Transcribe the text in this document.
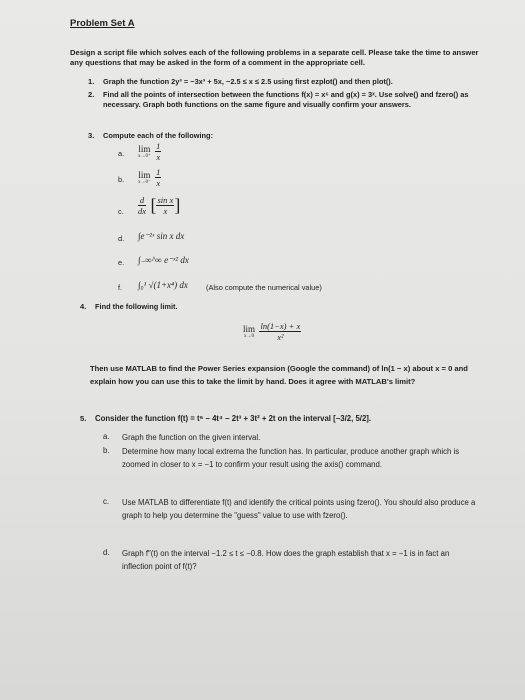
Problem Set A
Design a script file which solves each of the following problems in a separate cell. Please take the time to answer any questions that may be asked in the form of a comment in the appropriate cell.
1. Graph the function 2y³ = −3x³ + 5x, −2.5 ≤ x ≤ 2.5 using first ezplot() and then plot().
2. Find all the points of intersection between the functions f(x) = x⁶ and g(x) = 3ˣ. Use solve() and fzero() as necessary. Graph both functions on the same figure and visually confirm your answers.
3. Compute each of the following:
a. lim
x→0⁺
$\frac{1}{x}$
b. lim
x→0⁻
$\frac{1}{x}$
c. $\frac{d}{dx}$ [ $\frac{\text{sin x}}{x}$ ]
d. ∫e⁻²ˣ sin x dx
e. ∫₋∞^∞ e⁻ˣ² dx
f. ∫₀¹ √(1+x⁴) dx (Also compute the numerical value)
4. Find the following limit.
lim
x→0
$\frac{\ln(1-x) + x}{\text{x²}}$
Then use MATLAB to find the Power Series expansion (Google the command) of ln(1 − x) about x = 0 and explain how you can use this to take the limit by hand. Does it agree with MATLAB's limit?
5. Consider the function f(t) = t⁶ − 4t⁴ − 2t³ + 3t² + 2t on the interval [−3/2, 5/2].
a. Graph the function on the given interval.
b. Determine how many local extrema the function has. In particular, produce another graph which is zoomed in closer to x = −1 to confirm your result using the axis() command.
c. Use MATLAB to differentiate f(t) and identify the critical points using fzero(). You should also produce a graph to help you determine the "guess" value to use with fzero().
d. Graph f″(t) on the interval −1.2 ≤ t ≤ −0.8. How does the graph establish that x = −1 is in fact an inflection point of f(t)?
